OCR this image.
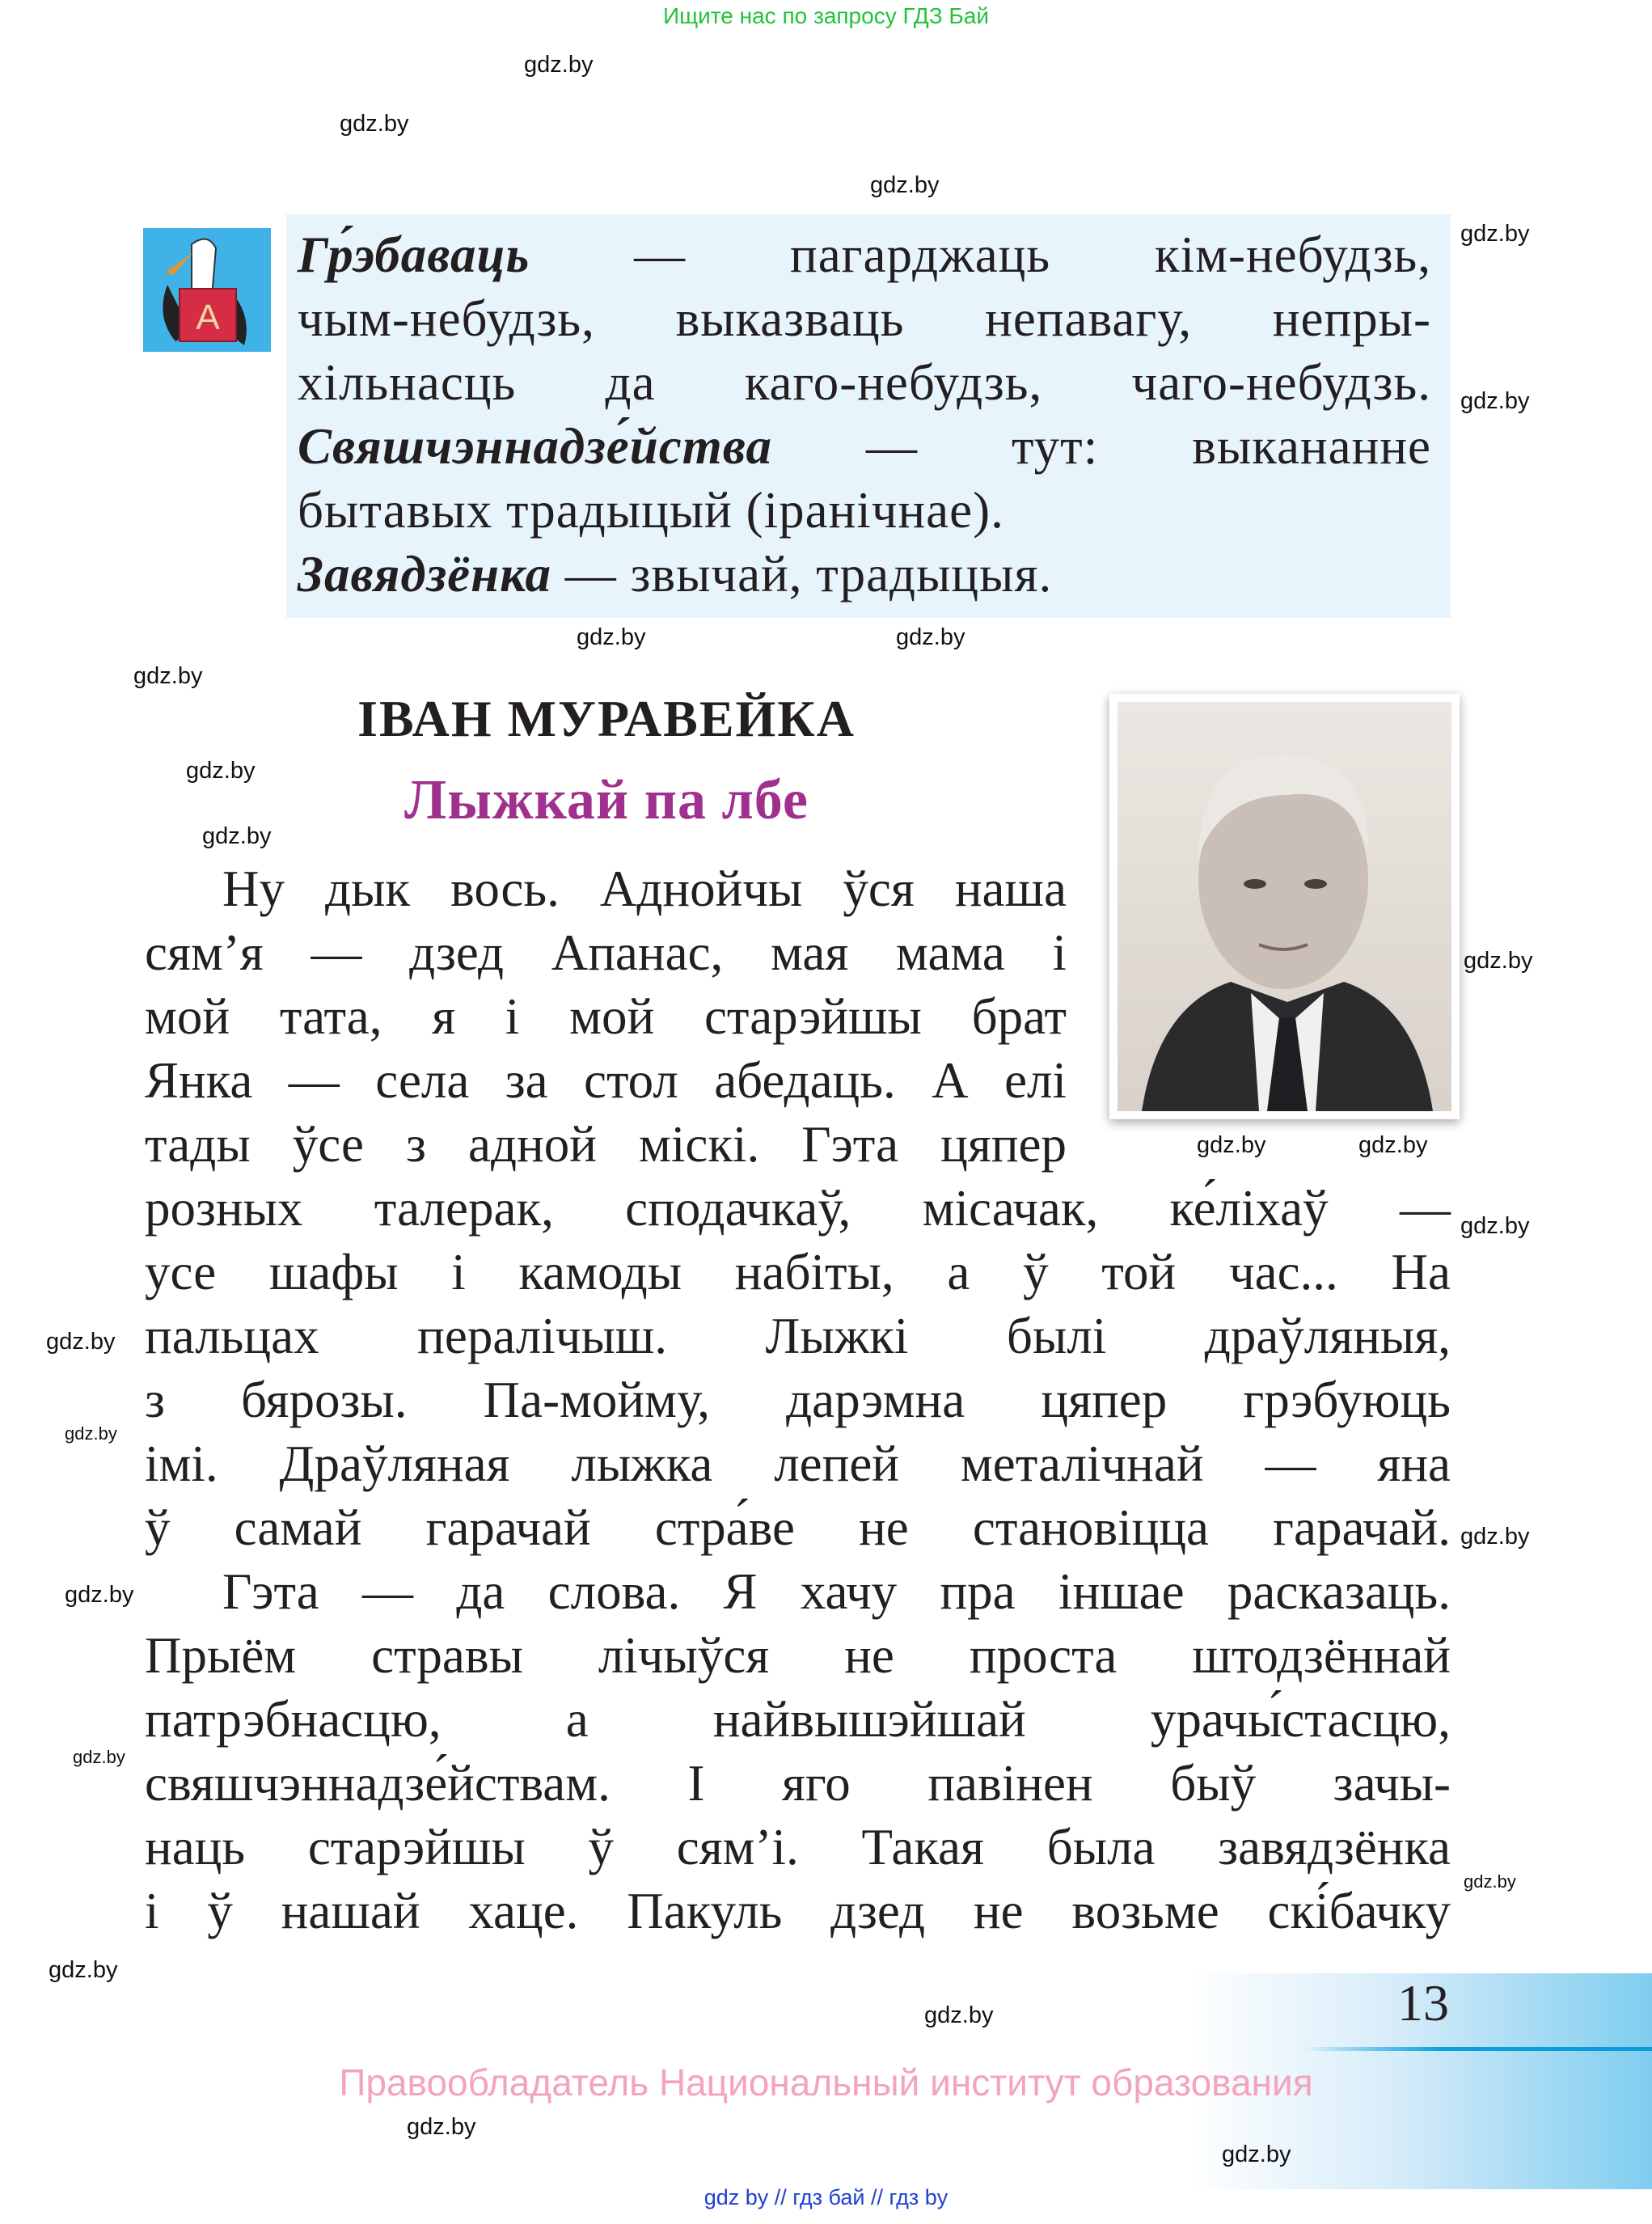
Ищите нас по запросу ГДЗ Бай
A
Гр́эбаваць — пагарджаць кім-небудзь,
чым-небудзь, выказваць непавагу, непры-
хільнасць да каго-небудзь, чаго-небудзь.
Свяшчэннадзе́йства — тут: выкананне
бытавых традыцый (іранічнае).
Завядзёнка — звычай, традыцыя.
ІВАН МУРАВЕЙКА
Лыжкай па лбе
Ну дык вось. Аднойчы ўся наша
сям’я — дзед Апанас, мая мама і
мой тата, я і мой старэйшы брат
Янка — села за стол абедаць. А елі
тады ўсе з адной міскі. Гэта цяпер
розных талерак, сподачкаў, місачак, ке́ліхаў —
усе шафы і камоды набіты, а ў той час... На
пальцах пералічыш. Лыжкі былі драўляныя,
з бярозы. Па-мойму, дарэмна цяпер грэбуюць
імі. Драўляная лыжка лепей металічнай — яна
ў самай гарачай стра́ве не становіцца гарачай.
Гэта — да слова. Я хачу пра іншае расказаць.
Прыём стравы лічыўся не проста штодзённай
патрэбнасцю, а найвышэйшай урачы́стасцю,
свяшчэннадзе́йствам. І яго павінен быў зачы-
наць старэйшы ў сям’і. Такая была завядзёнка
і ў нашай хаце. Пакуль дзед не возьме скі́бачку
13
Правообладатель Национальный институт образования
gdz by // гдз бай // гдз by
gdz.by
gdz.by
gdz.by
gdz.by
gdz.by
gdz.by
gdz.by
gdz.by
gdz.by
gdz.by
gdz.by
gdz.by	gdz.by
gdz.by
gdz.by
gdz.by
gdz.by
gdz.by
gdz.by
gdz.by
gdz.by
gdz.by
gdz.by
gdz.by
